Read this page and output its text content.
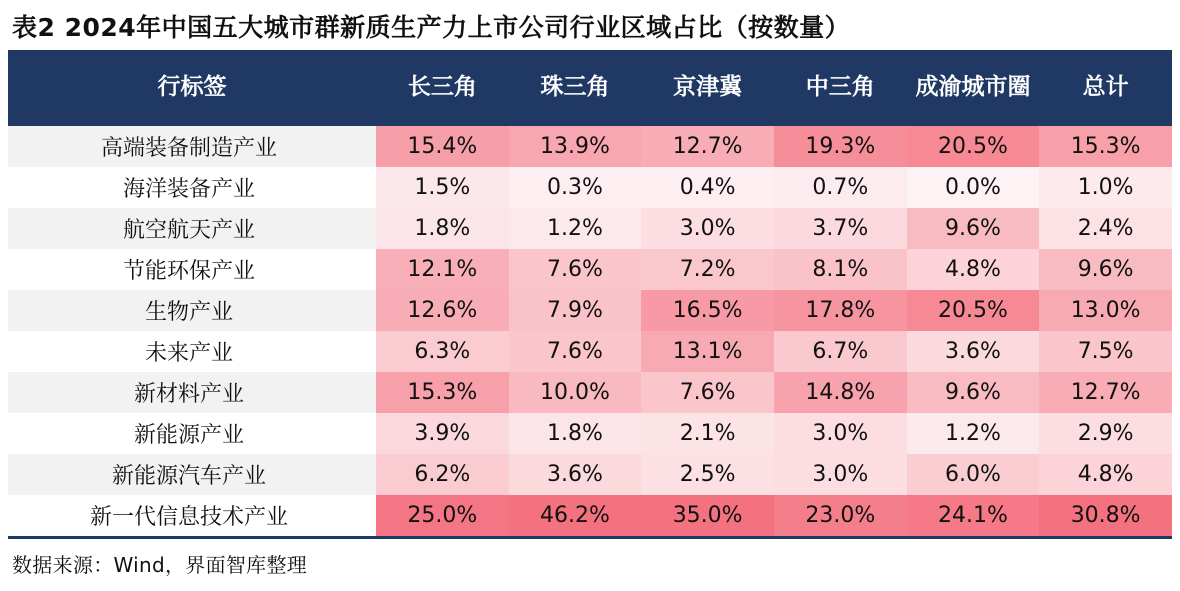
表2 2024年中国五大城市群新质生产力上市公司行业区域占比（按数量）
行标签	长三角	珠三角	京津冀	中三角	成渝城市圈	总计
高端装备制造产业	15.4%	13.9%	12.7%	19.3%	20.5%	15.3%
海洋装备产业	1.5%	0.3%	0.4%	0.7%	0.0%	1.0%
航空航天产业	1.8%	1.2%	3.0%	3.7%	9.6%	2.4%
节能环保产业	12.1%	7.6%	7.2%	8.1%	4.8%	9.6%
生物产业	12.6%	7.9%	16.5%	17.8%	20.5%	13.0%
未来产业	6.3%	7.6%	13.1%	6.7%	3.6%	7.5%
新材料产业	15.3%	10.0%	7.6%	14.8%	9.6%	12.7%
新能源产业	3.9%	1.8%	2.1%	3.0%	1.2%	2.9%
新能源汽车产业	6.2%	3.6%	2.5%	3.0%	6.0%	4.8%
新一代信息技术产业	25.0%	46.2%	35.0%	23.0%	24.1%	30.8%
数据来源：Wind，界面智库整理
